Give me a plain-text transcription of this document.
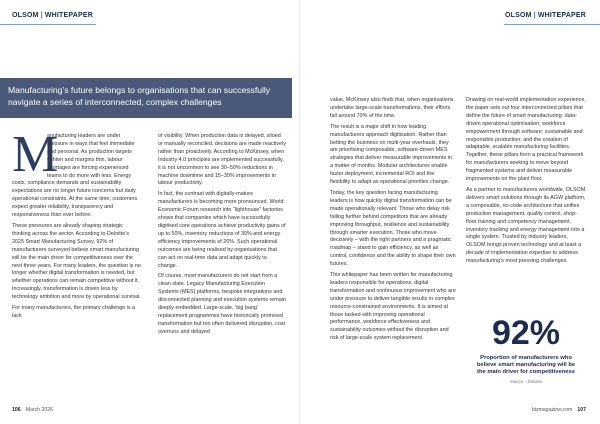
OLSOM | WHITEPAPER
Manufacturing’s future belongs to organisations that can successfully navigate a series of interconnected, complex challenges

M
anufacturing leaders are under pressure in ways that feel immediate and personal. As production targets tighten and margins thin, labour shortages are forcing experienced teams to do more with less. Energy costs, compliance demands and sustainability expectations are no longer future concerns but daily operational constraints. At the same time, customers expect greater reliability, transparency and responsiveness than ever before.

These pressures are already shaping strategic thinking across the sector. According to Deloitte’s 2025 Smart Manufacturing Survey, 92% of manufacturers surveyed believe smart manufacturing will be the main driver for competitiveness over the next three years. For many leaders, the question is no longer whether digital transformation is needed, but whether operations can remain competitive without it. Increasingly, transformation is driven less by technology ambition and more by operational survival.

For many manufacturers, the primary challenge is a lack

of visibility. When production data is delayed, siloed or manually reconciled, decisions are made reactively rather than proactively. According to McKinsey, when Industry 4.0 principles are implemented successfully, it is not uncommon to see 30–50% reductions in machine downtime and 15–30% improvements in labour productivity.

In fact, the contrast with digitally-mature manufacturers is becoming more pronounced. World Economic Forum research into “lighthouse” factories shows that companies which have successfully digitised core operations achieve productivity gains of up to 50%, inventory reductions of 30% and energy efficiency improvements of 20%. Such operational outcomes are being realised by organisations that can act on real-time data and adapt quickly to change.

Of course, most manufacturers do not start from a clean slate. Legacy Manufacturing Execution Systems (MES) platforms, bespoke integrations and disconnected planning and execution systems remain deeply embedded. Large-scale, ‘big bang’ replacement programmes have historically promised transformation but too often delivered disruption, cost overruns and delayed

106 March 2026
OLSOM | WHITEPAPER

value. McKinsey also finds that, when organisations undertake large-scale transformations, their efforts fall around 70% of the time.

The result is a major shift in how leading manufacturers approach digitisation. Rather than betting the business on multi-year overhauls, they are prioritising composable, software-driven MES strategies that deliver measurable improvements in a matter of months. Modular architectures enable faster deployment, incremental ROI and the flexibility to adapt as operational priorities change.

Today, the key question facing manufacturing leaders is how quickly digital transformation can be made operationally relevant. Those who delay risk falling further behind competitors that are already improving throughput, resilience and sustainability through smarter execution. Those who move decisively – with the right partners and a pragmatic roadmap – stand to gain efficiency, as well as control, confidence and the ability to shape their own futures.

This whitepaper has been written for manufacturing leaders responsible for operations, digital transformation and continuous improvement who are under pressure to deliver tangible results in complex resource-constrained environments. It is aimed at those tasked with improving operational performance, workforce effectiveness and sustainability outcomes without the disruption and risk of large-scale system replacement.

Drawing on real-world implementation experience, the paper sets out four interconnected pillars that define the future of smart manufacturing: data-driven operational optimisation; workforce empowerment through software; sustainable and responsible production; and the creation of adaptable, scalable manufacturing facilities. Together, these pillars form a practical framework for manufacturers seeking to move beyond fragmented systems and deliver measurable improvements on the plant floor.

As a partner to manufacturers worldwide, OLSOM delivers smart solutions through its AGW platform, a composable, no-code architecture that unifies production management, quality control, shop-floor training and competency management, inventory tracking and energy management into a single system. Trusted by industry leaders, OLSOM brings proven technology and at least a decade of implementation expertise to address manufacturing’s most pressing challenges.

92%
Proportion of manufacturers who believe smart manufacturing will be the main driver for competitiveness
Source – Deloitte
bizmagazine.com 107
